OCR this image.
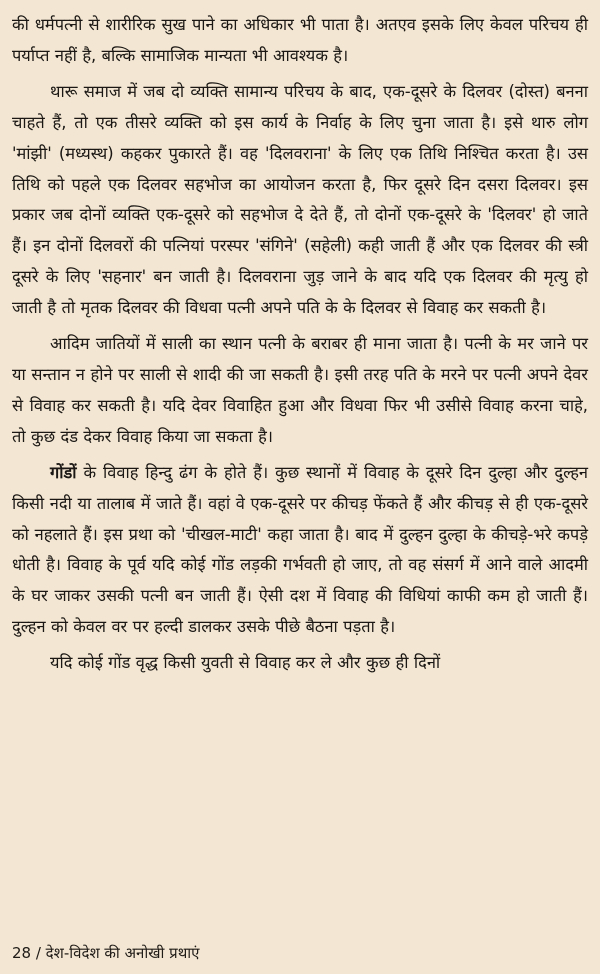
की धर्मपत्नी से शारीरिक सुख पाने का अधिकार भी पाता है। अतएव इसके लिए केवल परिचय ही पर्याप्त नहीं है, बल्कि सामाजिक मान्यता भी आवश्यक है।

थारू समाज में जब दो व्यक्ति सामान्य परिचय के बाद, एक-दूसरे के दिलवर (दोस्त) बनना चाहते हैं, तो एक तीसरे व्यक्ति को इस कार्य के निर्वाह के लिए चुना जाता है। इसे थारु लोग 'मांझी' (मध्यस्थ) कहकर पुकारते हैं। वह 'दिलवराना' के लिए एक तिथि निश्चित करता है। उस तिथि को पहले एक दिलवर सहभोज का आयोजन करता है, फिर दूसरे दिन दसरा दिलवर। इस प्रकार जब दोनों व्यक्ति एक-दूसरे को सहभोज दे देते हैं, तो दोनों एक-दूसरे के 'दिलवर' हो जाते हैं। इन दोनों दिलवरों की पत्नियां परस्पर 'संगिने' (सहेली) कही जाती हैं और एक दिलवर की स्त्री दूसरे के लिए 'सहनार' बन जाती है। दिलवराना जुड़ जाने के बाद यदि एक दिलवर की मृत्यु हो जाती है तो मृतक दिलवर की विधवा पत्नी अपने पति के के दिलवर से विवाह कर सकती है।

आदिम जातियों में साली का स्थान पत्नी के बराबर ही माना जाता है। पत्नी के मर जाने पर या सन्तान न होने पर साली से शादी की जा सकती है। इसी तरह पति के मरने पर पत्नी अपने देवर से विवाह कर सकती है। यदि देवर विवाहित हुआ और विधवा फिर भी उसीसे विवाह करना चाहे, तो कुछ दंड देकर विवाह किया जा सकता है।

गोंडों के विवाह हिन्दु ढंग के होते हैं। कुछ स्थानों में विवाह के दूसरे दिन दुल्हा और दुल्हन किसी नदी या तालाब में जाते हैं। वहां वे एक-दूसरे पर कीचड़ फेंकते हैं और कीचड़ से ही एक-दूसरे को नहलाते हैं। इस प्रथा को 'चीखल-माटी' कहा जाता है। बाद में दुल्हन दुल्हा के कीचड़े-भरे कपड़े धोती है। विवाह के पूर्व यदि कोई गोंड लड़की गर्भवती हो जाए, तो वह संसर्ग में आने वाले आदमी के घर जाकर उसकी पत्नी बन जाती हैं। ऐसी दश में विवाह की विधियां काफी कम हो जाती हैं। दुल्हन को केवल वर पर हल्दी डालकर उसके पीछे बैठना पड़ता है।

यदि कोई गोंड वृद्ध किसी युवती से विवाह कर ले और कुछ ही दिनों

28 / देश-विदेश की अनोखी प्रथाएं
